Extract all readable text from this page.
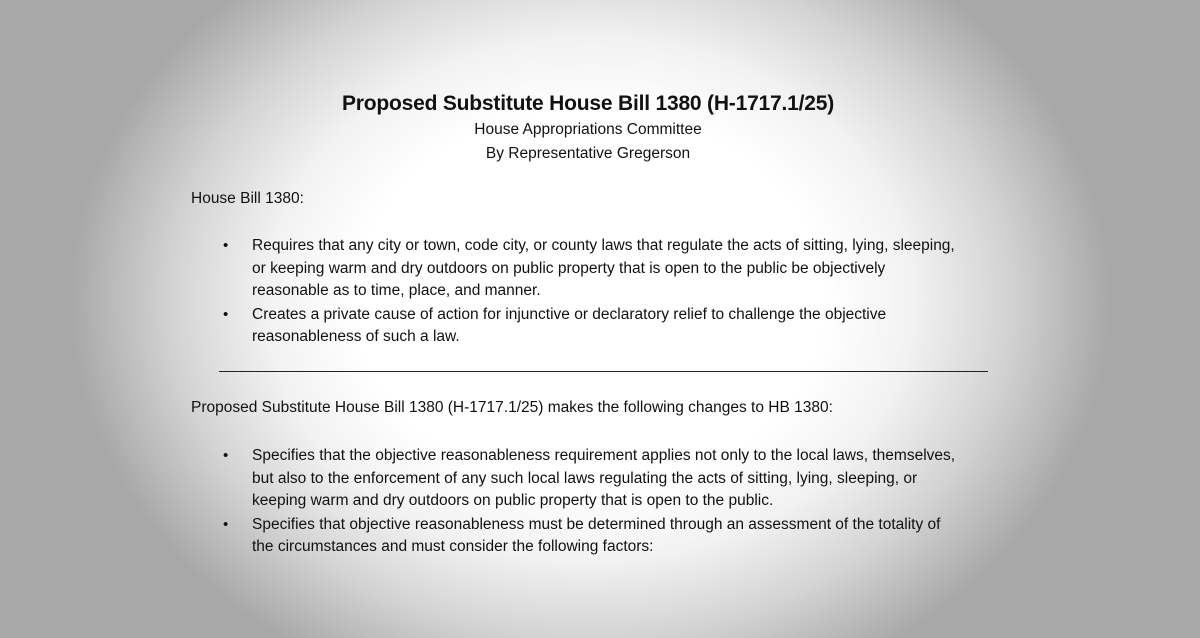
Proposed Substitute House Bill 1380 (H-1717.1/25)
House Appropriations Committee
By Representative Gregerson
House Bill 1380:
• Requires that any city or town, code city, or county laws that regulate the acts of sitting, lying, sleeping, or keeping warm and dry outdoors on public property that is open to the public be objectively reasonable as to time, place, and manner.
• Creates a private cause of action for injunctive or declaratory relief to challenge the objective reasonableness of such a law.
Proposed Substitute House Bill 1380 (H-1717.1/25) makes the following changes to HB 1380:
• Specifies that the objective reasonableness requirement applies not only to the local laws, themselves, but also to the enforcement of any such local laws regulating the acts of sitting, lying, sleeping, or keeping warm and dry outdoors on public property that is open to the public.
• Specifies that objective reasonableness must be determined through an assessment of the totality of the circumstances and must consider the following factors:
